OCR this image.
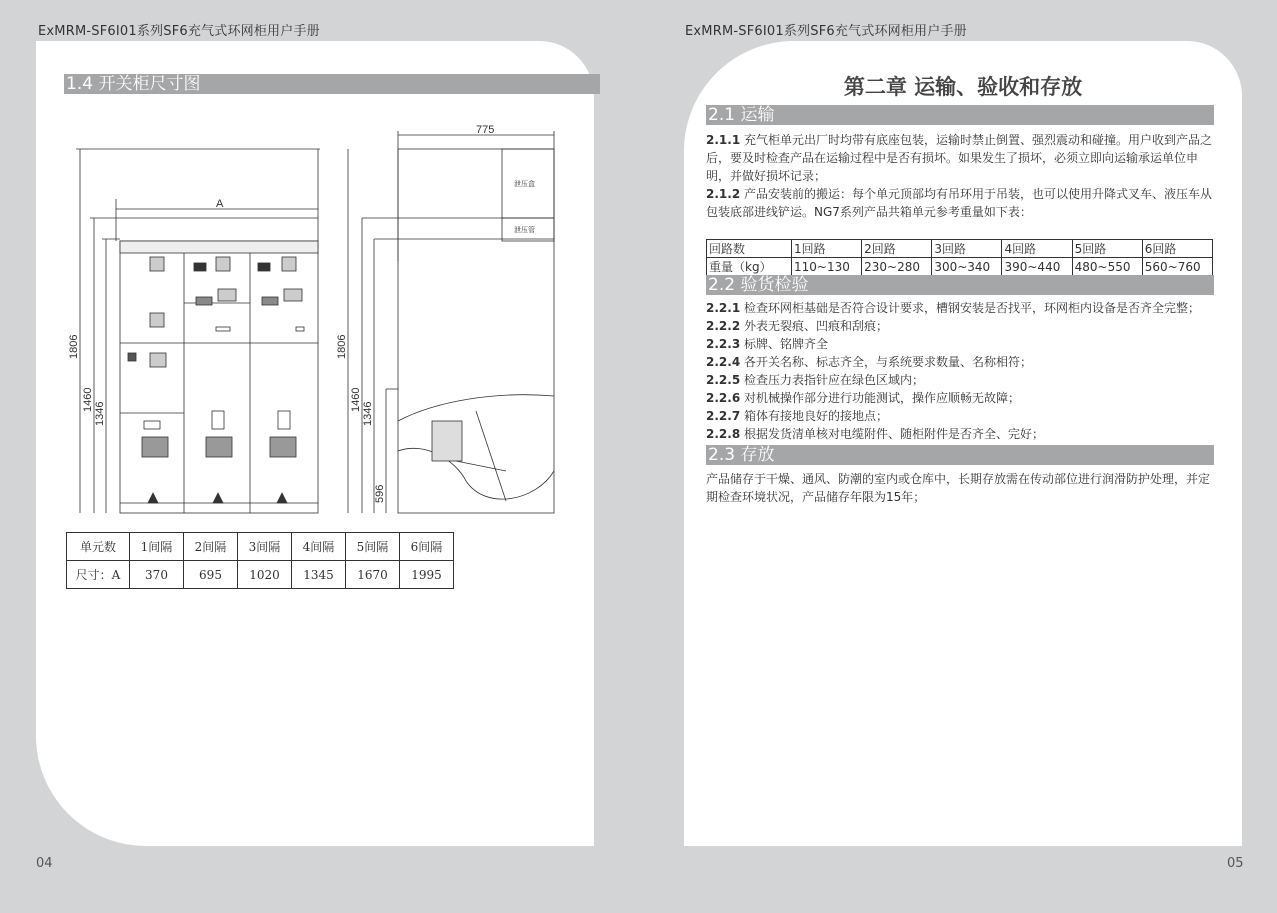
ExMRM-SF6I01系列SF6充气式环网柜用户手册	ExMRM-SF6I01系列SF6充气式环网柜用户手册
1.4 开关柜尺寸图
775
A
泄压盒
泄压管
1806
1460
1346
1806
1460
1346
596
单元数	1间隔	2间隔	3间隔	4间隔	5间隔	6间隔
尺寸：A	370	695	1020	1345	1670	1995
第二章 运输、验收和存放
2.1 运输
2.1.1 充气柜单元出厂时均带有底座包装，运输时禁止倒置、强烈震动和碰撞。用户收到产品之后，要及时检查产品在运输过程中是否有损坏。如果发生了损坏，必须立即向运输承运单位申明，并做好损坏记录；
2.1.2 产品安装前的搬运：每个单元顶部均有吊环用于吊装，也可以使用升降式叉车、液压车从包装底部进线铲运。NG7系列产品共箱单元参考重量如下表：
回路数	1回路	2回路	3回路	4回路	5回路	6回路
重量（kg）	110~130	230~280	300~340	390~440	480~550	560~760
2.2 验货检验
2.2.1 检查环网柜基础是否符合设计要求，槽钢安装是否找平，环网柜内设备是否齐全完整；
2.2.2 外表无裂痕、凹痕和刮痕；
2.2.3 标牌、铭牌齐全
2.2.4 各开关名称、标志齐全，与系统要求数量、名称相符；
2.2.5 检查压力表指针应在绿色区域内；
2.2.6 对机械操作部分进行功能测试，操作应顺畅无故障；
2.2.7 箱体有接地良好的接地点；
2.2.8 根据发货清单核对电缆附件、随柜附件是否齐全、完好；
2.3 存放
产品储存于干燥、通风、防潮的室内或仓库中，长期存放需在传动部位进行润滑防护处理，并定期检查环境状况，产品储存年限为15年；
04	05
